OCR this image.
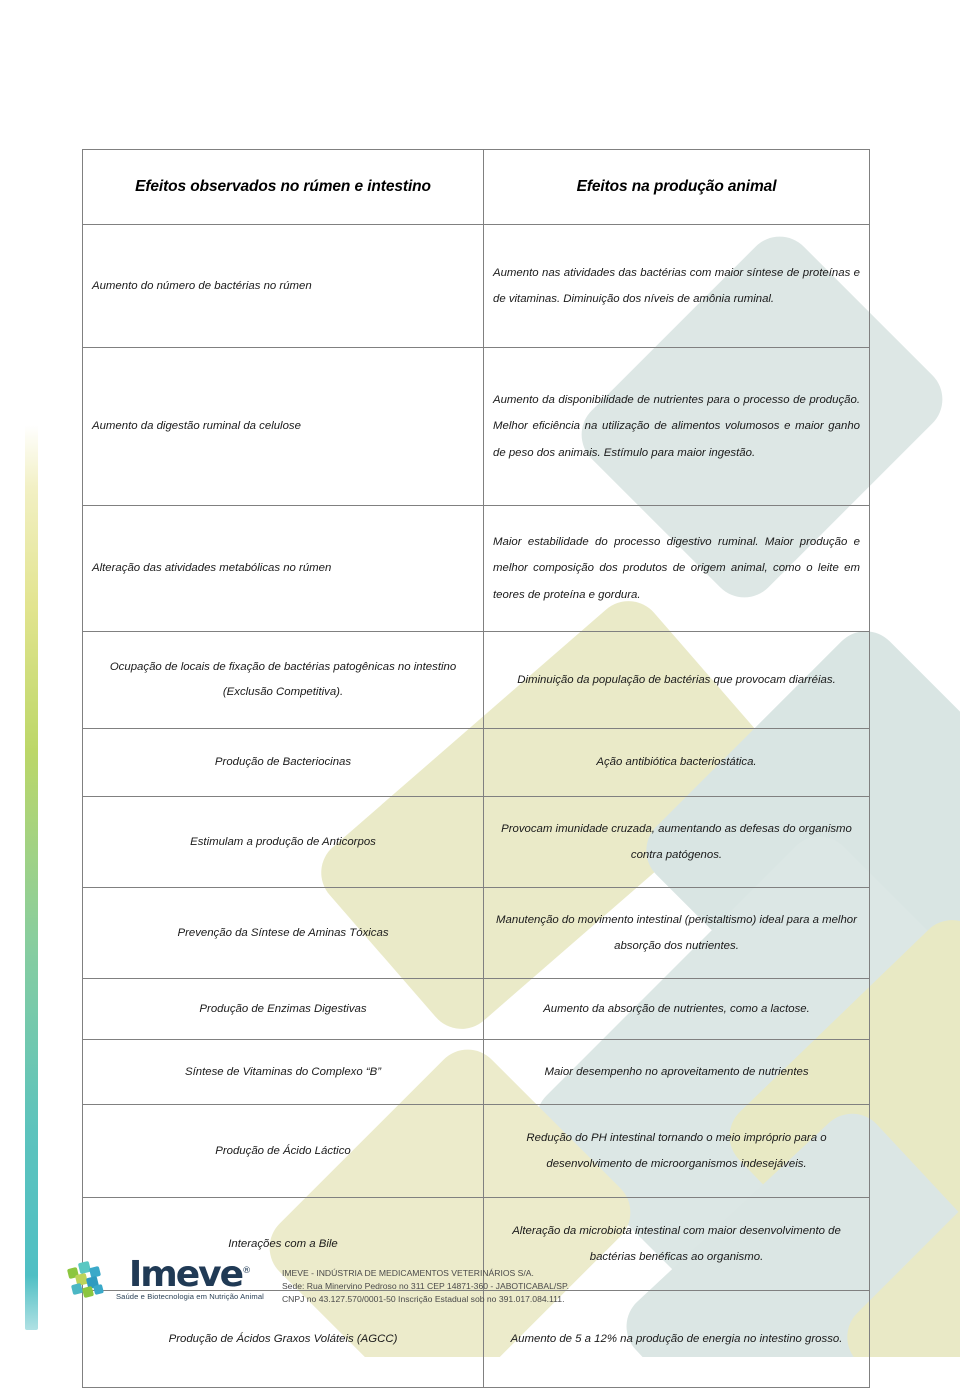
Efeitos observados no rúmen e intestino	Efeitos na produção animal
Aumento do número de bactérias no rúmen	Aumento nas atividades das bactérias com maior síntese de proteínas e de vitaminas. Diminuição dos níveis de amônia ruminal.
Aumento da digestão ruminal da celulose	Aumento da disponibilidade de nutrientes para o processo de produção. Melhor eficiência na utilização de alimentos volumosos e maior ganho de peso dos animais. Estímulo para maior ingestão.
Alteração das atividades metabólicas no rúmen	Maior estabilidade do processo digestivo ruminal. Maior produção e melhor composição dos produtos de origem animal, como o leite em teores de proteína e gordura.
Ocupação de locais de fixação de bactérias patogênicas no intestino (Exclusão Competitiva).	Diminuição da população de bactérias que provocam diarréias.
Produção de Bacteriocinas	Ação antibiótica bacteriostática.
Estimulam a produção de Anticorpos	Provocam imunidade cruzada, aumentando as defesas do organismo contra patógenos.
Prevenção da Síntese de Aminas Tóxicas	Manutenção do movimento intestinal (peristaltismo) ideal para a melhor absorção dos nutrientes.
Produção de Enzimas Digestivas	Aumento da absorção de nutrientes, como a lactose.
Síntese de Vitaminas do Complexo “B”	Maior desempenho no aproveitamento de nutrientes
Produção de Ácido Láctico	Redução do PH intestinal tornando o meio impróprio para o desenvolvimento de microorganismos indesejáveis.
Interações com a Bile	Alteração da microbiota intestinal com maior desenvolvimento de bactérias benéficas ao organismo.
Produção de Ácidos Graxos Voláteis (AGCC)	Aumento de 5 a 12% na produção de energia no intestino grosso.
Imeve®
Saúde e Biotecnologia em Nutrição Animal
IMEVE - INDÚSTRIA DE MEDICAMENTOS VETERINÁRIOS S/A.
Sede: Rua Minervino Pedroso no 311 CEP 14871-360 - JABOTICABAL/SP.
CNPJ no 43.127.570/0001-50 Inscrição Estadual sob no 391.017.084.111.
